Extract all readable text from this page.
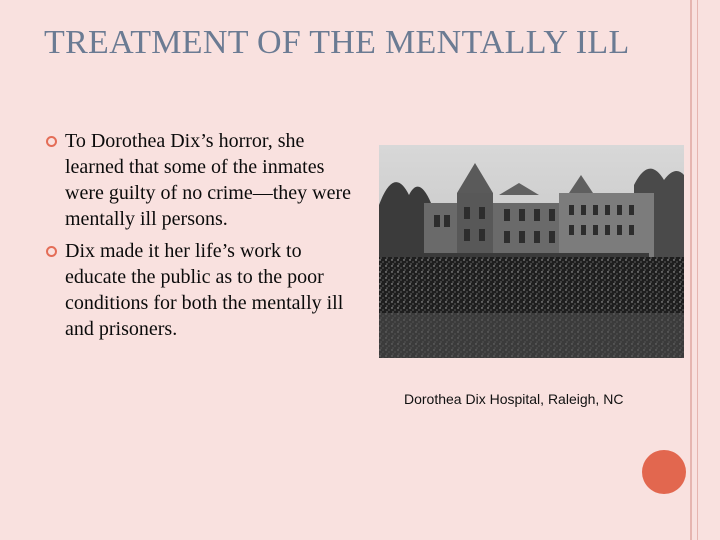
TREATMENT OF THE MENTALLY ILL
To Dorothea Dix’s horror, she learned that some of the inmates were guilty of no crime—they were mentally ill persons.
Dix made it her life’s work to educate the public as to the poor conditions for both the mentally ill and prisoners.
Dorothea Dix Hospital, Raleigh, NC
